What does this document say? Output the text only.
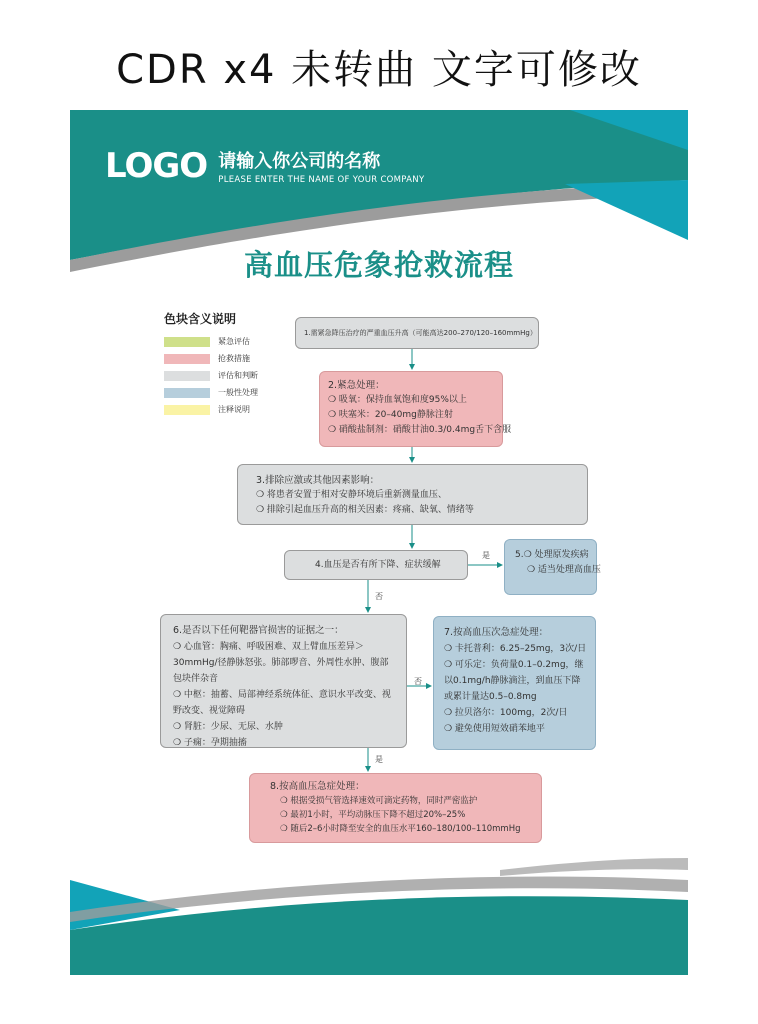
CDR x4 未转曲 文字可修改
LOGO 请输入你公司的名称
PLEASE ENTER THE NAME OF YOUR COMPANY
高血压危象抢救流程
色块含义说明
紧急评估
抢救措施
评估和判断
一般性处理
注释说明
是
否
否
是
1.需紧急降压治疗的严重血压升高（可能高达200–270/120–160mmHg）
2.紧急处理：
❍ 吸氧：保持血氧饱和度95%以上
❍ 呋塞米：20–40mg静脉注射
❍ 硝酸盐制剂：硝酸甘油0.3/0.4mg舌下含服
3.排除应激或其他因素影响：
❍ 将患者安置于相对安静环境后重新测量血压、
❍ 排除引起血压升高的相关因素：疼痛、缺氧、情绪等
4.血压是否有所下降、症状缓解
5.❍ 处理原发疾病
❍ 适当处理高血压
6.是否以下任何靶器官损害的证据之一：
❍ 心血管：胸痛、呼吸困难、双上臂血压差异＞30mmHg/径静脉怒张。肺部啰音、外周性水肿、腹部包块伴杂音
❍ 中枢：抽蓄、局部神经系统体征、意识水平改变、视野改变、视觉障碍
❍ 肾脏：少尿、无尿、水肿
❍ 子痫：孕期抽搐
7.按高血压次急症处理：
❍ 卡托普利：6.25–25mg，3次/日
❍ 可乐定：负荷量0.1–0.2mg，继以0.1mg/h静脉滴注，到血压下降或累计量达0.5–0.8mg
❍ 拉贝洛尔：100mg，2次/日
❍ 避免使用短效硝苯地平
8.按高血压急症处理：
❍ 根据受损气管选择速效可滴定药物，同时严密监护
❍ 最初1小时，平均动脉压下降不超过20%–25%
❍ 随后2–6小时降至安全的血压水平160–180/100–110mmHg
